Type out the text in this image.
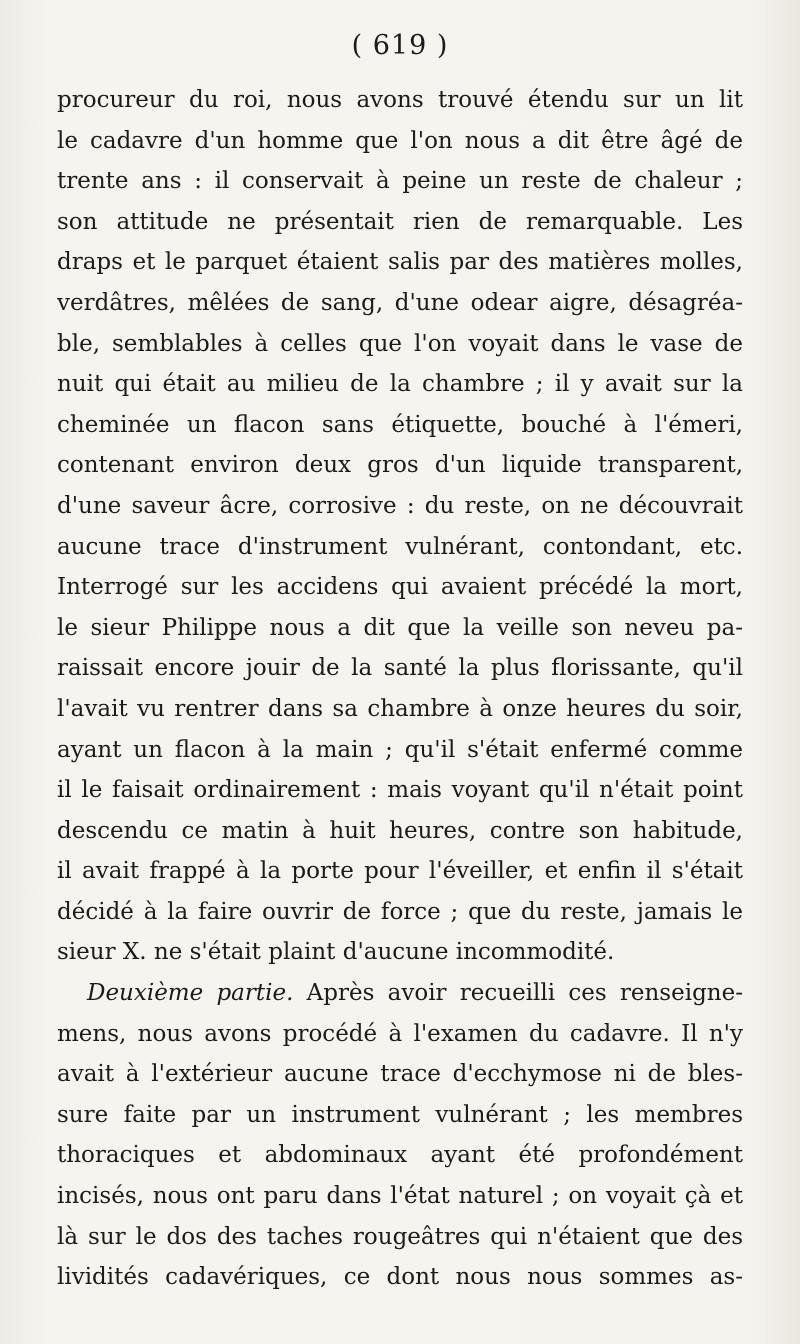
( 619 )
procureur du roi, nous avons trouvé étendu sur un lit
le cadavre d'un homme que l'on nous a dit être âgé de
trente ans : il conservait à peine un reste de chaleur ;
son attitude ne présentait rien de remarquable. Les
draps et le parquet étaient salis par des matières molles,
verdâtres, mêlées de sang, d'une odear aigre, désagréa-
ble, semblables à celles que l'on voyait dans le vase de
nuit qui était au milieu de la chambre ; il y avait sur la
cheminée un flacon sans étiquette, bouché à l'émeri,
contenant environ deux gros d'un liquide transparent,
d'une saveur âcre, corrosive : du reste, on ne découvrait
aucune trace d'instrument vulnérant, contondant, etc.
Interrogé sur les accidens qui avaient précédé la mort,
le sieur Philippe nous a dit que la veille son neveu pa-
raissait encore jouir de la santé la plus florissante, qu'il
l'avait vu rentrer dans sa chambre à onze heures du soir,
ayant un flacon à la main ; qu'il s'était enfermé comme
il le faisait ordinairement : mais voyant qu'il n'était point
descendu ce matin à huit heures, contre son habitude,
il avait frappé à la porte pour l'éveiller, et enfin il s'était
décidé à la faire ouvrir de force ; que du reste, jamais le
sieur X. ne s'était plaint d'aucune incommodité.
Deuxième partie. Après avoir recueilli ces renseigne-
mens, nous avons procédé à l'examen du cadavre. Il n'y
avait à l'extérieur aucune trace d'ecchymose ni de bles-
sure faite par un instrument vulnérant ; les membres
thoraciques et abdominaux ayant été profondément
incisés, nous ont paru dans l'état naturel ; on voyait çà et
là sur le dos des taches rougeâtres qui n'étaient que des
lividités cadavériques, ce dont nous nous sommes as-
